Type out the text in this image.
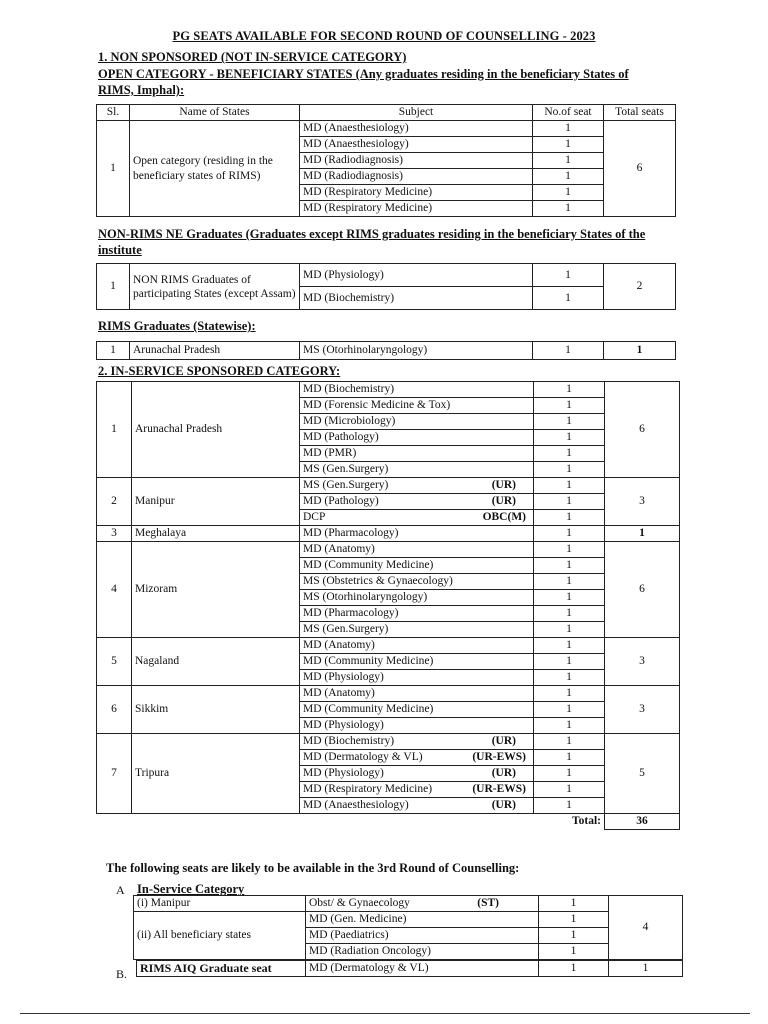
PG SEATS AVAILABLE FOR SECOND ROUND OF COUNSELLING - 2023
1. NON SPONSORED (NOT IN-SERVICE CATEGORY)
OPEN CATEGORY - BENEFICIARY STATES (Any graduates residing in the beneficiary States of
RIMS, Imphal):
Sl.	Name of States	Subject	No.of seat	Total seats
1	Open category (residing in the beneficiary states of RIMS)	MD (Anaesthesiology)	1	6
		MD (Anaesthesiology)	1	
		MD (Radiodiagnosis)	1	
		MD (Radiodiagnosis)	1	
		MD (Respiratory Medicine)	1	
		MD (Respiratory Medicine)	1	
NON-RIMS NE Graduates (Graduates except RIMS graduates residing in the beneficiary States of the
institute
1	NON RIMS Graduates of participating States (except Assam)	MD (Physiology)	1	2
		MD (Biochemistry)	1	
RIMS Graduates (Statewise):
1	Arunachal Pradesh	MS (Otorhinolaryngology)	1	1
2. IN-SERVICE SPONSORED CATEGORY:
1	Arunachal Pradesh	MD (Biochemistry)	1	6
		MD (Forensic Medicine & Tox)	1	
		MD (Microbiology)	1	
		MD (Pathology)	1	
		MD (PMR)	1	
		MS (Gen.Surgery)	1	
2	Manipur	MS (Gen.Surgery) (UR)	1	3

		MD (Pathology) (UR)	1	

		DCP OBC(M)	1	
3	Meghalaya	MD (Pharmacology)	1	1
4	Mizoram	MD (Anatomy)	1	6
		MD (Community Medicine)	1	
		MS (Obstetrics & Gynaecology)	1	
		MS (Otorhinolaryngology)	1	
		MD (Pharmacology)	1	
		MS (Gen.Surgery)	1	
5	Nagaland	MD (Anatomy)	1	3
		MD (Community Medicine)	1	
		MD (Physiology)	1	
6	Sikkim	MD (Anatomy)	1	3
		MD (Community Medicine)	1	
		MD (Physiology)	1	
7	Tripura	MD (Biochemistry) (UR)	1	5

		MD (Dermatology & VL) (UR-EWS)	1	

		MD (Physiology) (UR)	1	

		MD (Respiratory Medicine) (UR-EWS)	1	

		MD (Anaesthesiology) (UR)	1	
			Total:	36
The following seats are likely to be available in the 3rd Round of Counselling:
A In-Service Category
(i) Manipur	Obst/ & Gynaecology (ST)	1	4
(ii) All beneficiary states	MD (Gen. Medicine)	1	
	MD (Paediatrics)	1	
	MD (Radiation Oncology)	1	
B. RIMS AIQ Graduate seat	MD (Dermatology & VL)	1	1
